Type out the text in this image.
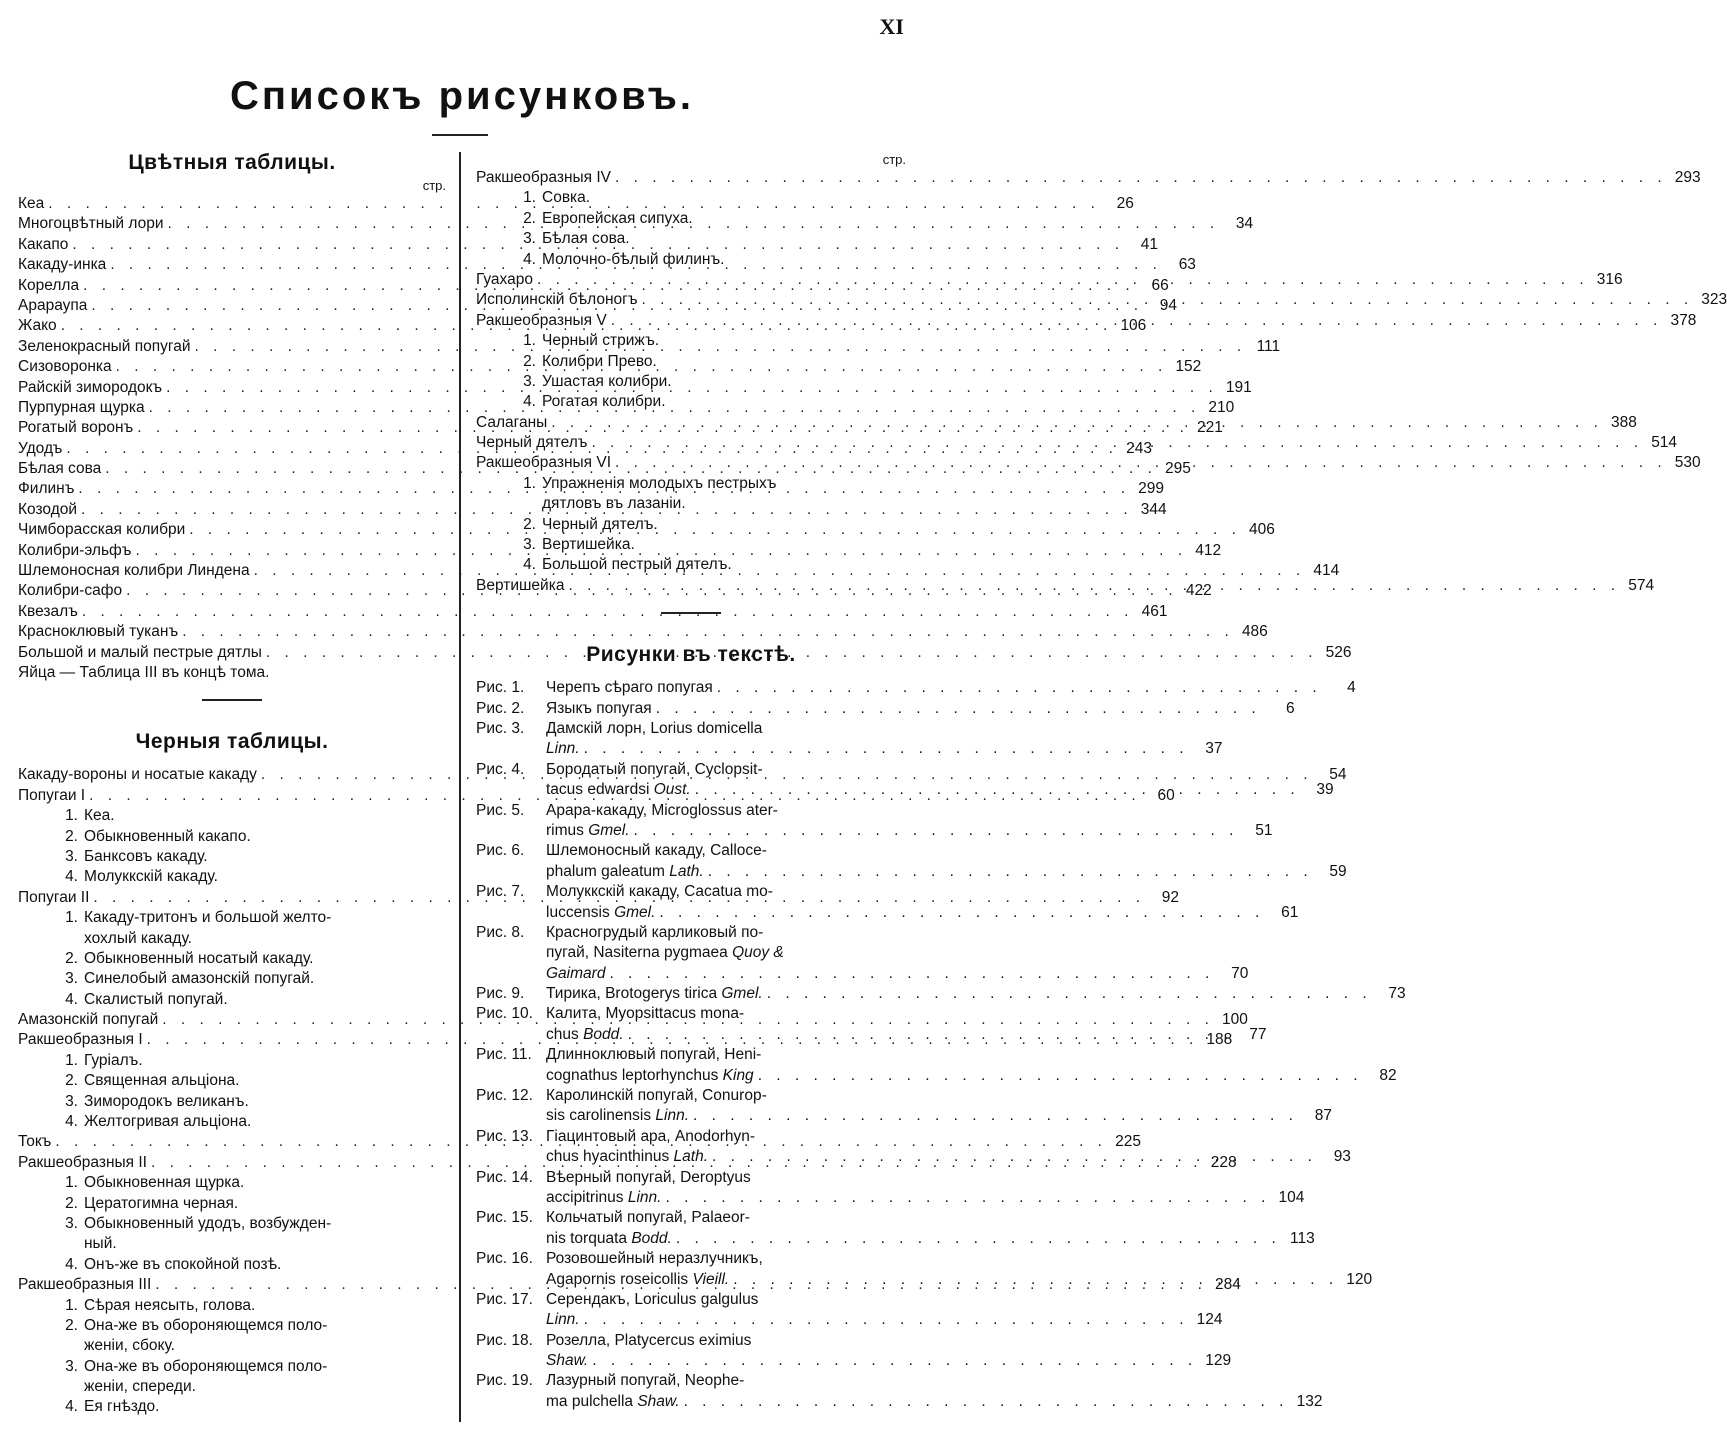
XI
Списокъ рисунковъ.
Цвѣтныя таблицы.
стр.
Кеа . . .	26
Многоцвѣтный лори . . .	34
Какапо . . .	41
Какаду-инка . . .	63
Корелла . . .	66
Арараупа . . .	94
Жако . . .	106
Зеленокрасный попугай . . .	111
Сизоворонка . . .	152
Райскій зимородокъ . . .	191
Пурпурная щурка . . .	210
Рогатый воронъ . . .	221
Удодъ . . .	243
Бѣлая сова . . .	295
Филинъ . . .	299
Козодой . . .	344
Чимборасская колибри . . .	406
Колибри-эльфъ . . .	412
Шлемоносная колибри Линдена . . .	414
Колибри-сафо . . .	422
Квезалъ . . .	461
Красноклювый туканъ . . .	486
Большой и малый пестрые дятлы . . .	526
Яйца — Таблица III въ концѣ тома.
Черныя таблицы.
Какаду-вороны и носатые какаду . . .	54
Попугаи I . . .	60
1. Кеа.
2. Обыкновенный какапо.
3. Банксовъ какаду.
4. Молуккскій какаду.
Попугаи II . . .	92
1. Какаду-тритонъ и большой желто-
хохлый какаду.
2. Обыкновенный носатый какаду.
3. Синелобый амазонскій попугай.
4. Скалистый попугай.
Амазонскій попугай . . .	100
Ракшеобразныя I . . .	188
1. Гуріалъ.
2. Священная альціона.
3. Зимородокъ великанъ.
4. Желтогривая альціона.
Токъ . . .	225
Ракшеобразныя II . . .	228
1. Обыкновенная щурка.
2. Цератогимна черная.
3. Обыкновенный удодъ, возбужден-
ный.
4. Онъ-же въ спокойной позѣ.
Ракшеобразныя III . . .	284
1. Сѣрая неясыть, голова.
2. Она-же въ обороняющемся поло-
женіи, сбоку.
3. Она-же въ обороняющемся поло-
женіи, спереди.
4. Ея гнѣздо.
стр.
Ракшеобразныя IV . . .	293
1. Совка.
2. Европейская сипуха.
3. Бѣлая сова.
4. Молочно-бѣлый филинъ.
Гуахаро . . .	316
Исполинскій бѣлоногъ . . .	323
Ракшеобразныя V . . .	378
1. Черный стрижъ.
2. Колибри Прево.
3. Ушастая колибри.
4. Рогатая колибри.
Салаганы . . .	388
Черный дятелъ . . .	514
Ракшеобразныя VI . . .	530
1. Упражненія молодыхъ пестрыхъ
дятловъ въ лазаніи.
2. Черный дятелъ.
3. Вертишейка.
4. Большой пестрый дятелъ.
Вертишейка . . .	574
Рисунки въ текстѣ.
Рис. 1.	Черепъ сѣраго попугая . . .	4
Рис. 2.	Языкъ попугая . . .	6
Рис. 3.	Дамскій лорн, Lorius domicella
Linn. . . .	37
Рис. 4.	Бородатый попугай, Cyclopsit-
tacus edwardsi Oust. . . .	39
Рис. 5.	Арара-какаду, Microglossus ater-
rimus Gmel. . . .	51
Рис. 6.	Шлемоносный какаду, Calloce-
phalum galeatum Lath. . . .	59
Рис. 7.	Молуккскій какаду, Cacatua mo-
luccensis Gmel. . . .	61
Рис. 8.	Красногрудый карликовый по-
пугай, Nasiterna pygmaea Quoy &
Gaimard . . .	70
Рис. 9.	Тирика, Brotogerys tirica Gmel. . . .	73
Рис. 10. Калита, Myopsittacus mona-
chus Bodd. . . .	77
Рис. 11. Длинноклювый попугай, Heni-
cognathus leptorhynchus King . . .	82
Рис. 12. Каролинскій попугай, Conurop-
sis carolinensis Linn. . . .	87
Рис. 13. Гіацинтовый ара, Anodorhyn-
chus hyacinthinus Lath. . . .	93
Рис. 14. Вѣерный попугай, Deroptyus
accipitrinus Linn. . . .	104
Рис. 15. Кольчатый попугай, Palaeor-
nis torquata Bodd. . . .	113
Рис. 16. Розовошейный неразлучникъ,
Agapornis roseicollis Vieill. . . .	120
Рис. 17. Серендакъ, Loriculus galgulus
Linn. . . .	124
Рис. 18. Розелла, Platycercus eximius
Shaw. . . .	129
Рис. 19. Лазурный попугай, Neophe-
ma pulchella Shaw. . . .	132
